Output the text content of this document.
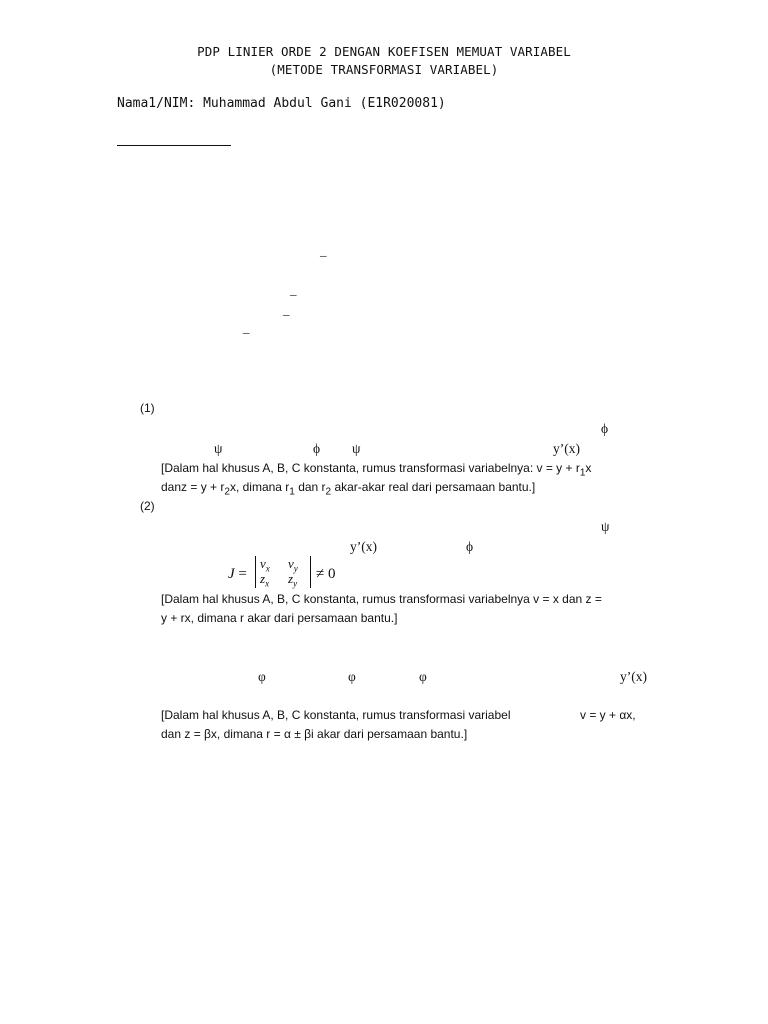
PDP LINIER ORDE 2 DENGAN KOEFISEN MEMUAT VARIABEL
(METODE TRANSFORMASI VARIABEL)
Nama1/NIM: Muhammad Abdul Gani (E1R020081)
_
_
_
_
(1)
ϕ
ψ	ϕ ψ	y’(x)
[Dalam hal khusus A, B, C konstanta, rumus transformasi variabelnya: $v = y + r_1x$
danz = $y + r_2x$, dimana $r_1$ dan $r_2$ akar-akar real dari persamaan bantu.]
(2)
ψ
y’(x)	ϕ
J =
$v_x$ $v_y$
$z_x$ $z_y$
≠ 0
[Dalam hal khusus A, B, C konstanta, rumus transformasi variabelnya v = x dan z =
y + rx, dimana r akar dari persamaan bantu.]
φ	φ	φ	y’(x)
[Dalam hal khusus A, B, C konstanta, rumus transformasi variabel	v = y + αx,
dan z = βx, dimana r = α ± βi akar dari persamaan bantu.]
